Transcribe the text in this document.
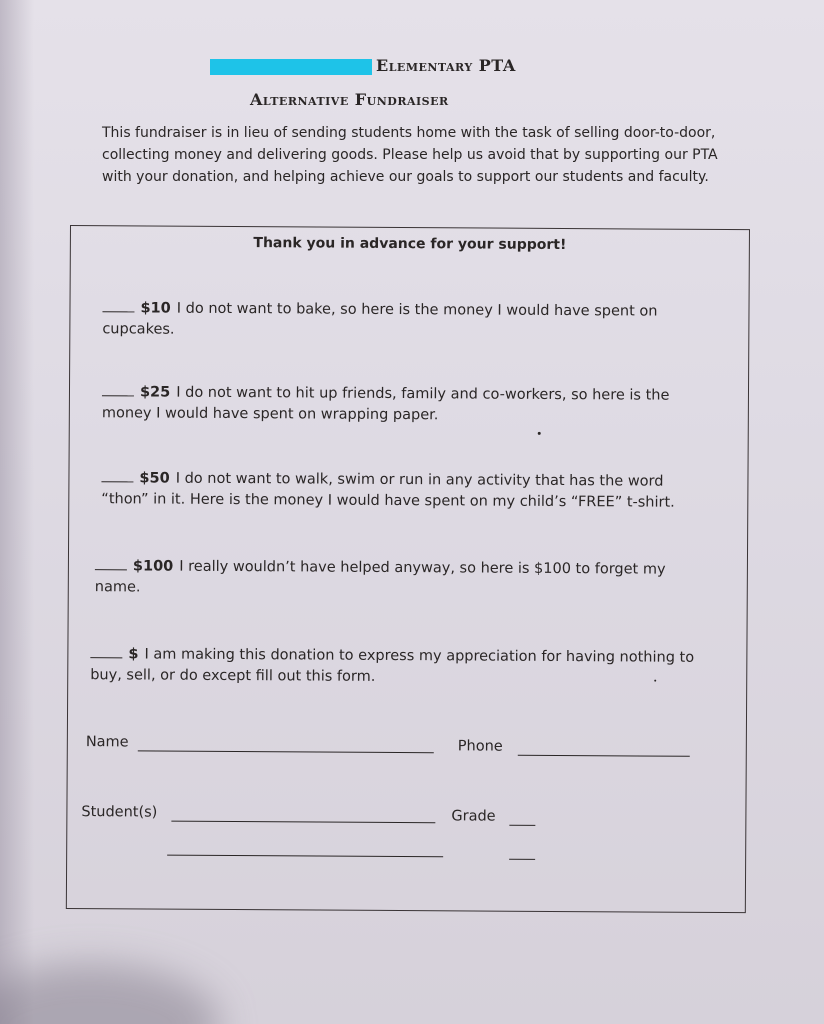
Elementary PTA
Alternative Fundraiser
This fundraiser is in lieu of sending students home with the task of selling door-to-door, collecting money and delivering goods. Please help us avoid that by supporting our PTA with your donation, and helping achieve our goals to support our students and faculty.
Thank you in advance for your support!
$10 I do not want to bake, so here is the money I would have spent on cupcakes.
$25 I do not want to hit up friends, family and co-workers, so here is the money I would have spent on wrapping paper.
$50 I do not want to walk, swim or run in any activity that has the word “thon” in it. Here is the money I would have spent on my child’s “FREE” t-shirt.
$100 I really wouldn’t have helped anyway, so here is $100 to forget my name.
$ I am making this donation to express my appreciation for having nothing to buy, sell, or do except fill out this form.
Name	Phone
Student(s)	Grade
